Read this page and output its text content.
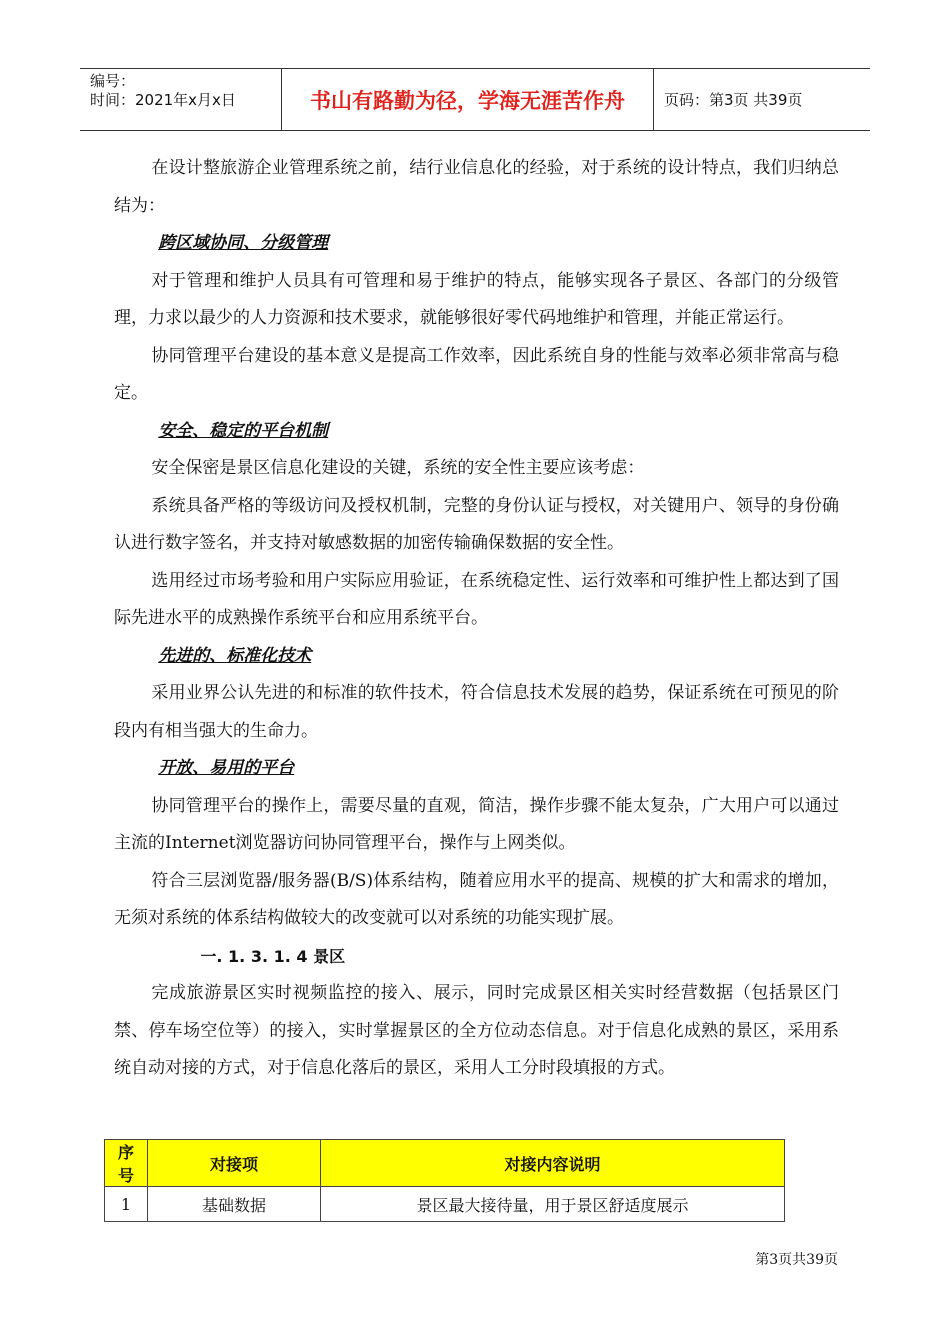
编号：
时间：2021年x月x日	书山有路勤为径，学海无涯苦作舟	页码：第3页 共39页

在设计整旅游企业管理系统之前，结行业信息化的经验，对于系统的设计特点，我们归纳总结为：

跨区域协同、分级管理

对于管理和维护人员具有可管理和易于维护的特点，能够实现各子景区、各部门的分级管理，力求以最少的人力资源和技术要求，就能够很好零代码地维护和管理，并能正常运行。

协同管理平台建设的基本意义是提高工作效率，因此系统自身的性能与效率必须非常高与稳定。

安全、稳定的平台机制

安全保密是景区信息化建设的关键，系统的安全性主要应该考虑：

系统具备严格的等级访问及授权机制，完整的身份认证与授权，对关键用户、领导的身份确认进行数字签名，并支持对敏感数据的加密传输确保数据的安全性。

选用经过市场考验和用户实际应用验证，在系统稳定性、运行效率和可维护性上都达到了国际先进水平的成熟操作系统平台和应用系统平台。

先进的、标准化技术

采用业界公认先进的和标准的软件技术，符合信息技术发展的趋势，保证系统在可预见的阶段内有相当强大的生命力。

开放、易用的平台

协同管理平台的操作上，需要尽量的直观，简洁，操作步骤不能太复杂，广大用户可以通过主流的Internet浏览器访问协同管理平台，操作与上网类似。

符合三层浏览器/服务器(B/S)体系结构，随着应用水平的提高、规模的扩大和需求的增加，无须对系统的体系结构做较大的改变就可以对系统的功能实现扩展。

一. 1. 3. 1. 4 景区

完成旅游景区实时视频监控的接入、展示，同时完成景区相关实时经营数据（包括景区门禁、停车场空位等）的接入，实时掌握景区的全方位动态信息。对于信息化成熟的景区，采用系统自动对接的方式，对于信息化落后的景区，采用人工分时段填报的方式。

序号	对接项	对接内容说明
1	基础数据	景区最大接待量，用于景区舒适度展示
第3页共39页
